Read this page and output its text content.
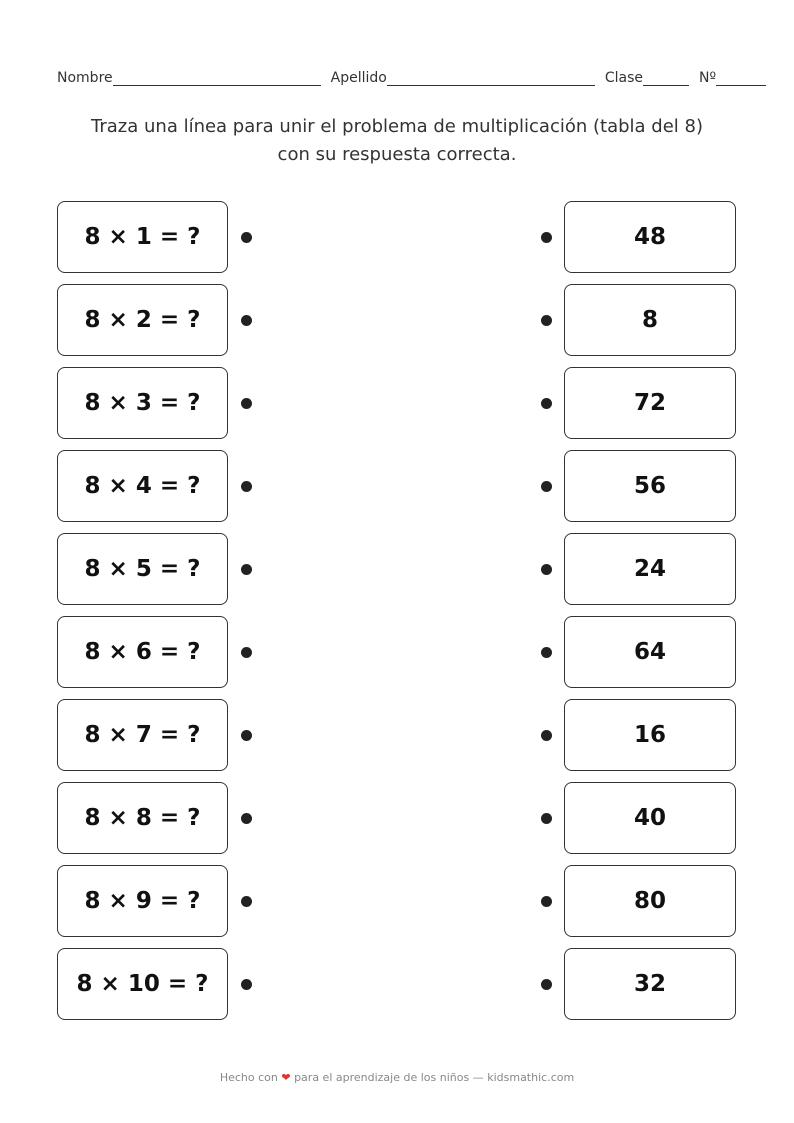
Nombre	Apellido	Clase	Nº
Traza una línea para unir el problema de multiplicación (tabla del 8)
con su respuesta correcta.
8 × 1 = ?	48
8 × 2 = ?	8
8 × 3 = ?	72
8 × 4 = ?	56
8 × 5 = ?	24
8 × 6 = ?	64
8 × 7 = ?	16
8 × 8 = ?	40
8 × 9 = ?	80
8 × 10 = ?	32
Hecho con ❤ para el aprendizaje de los niños — kidsmathic.com
